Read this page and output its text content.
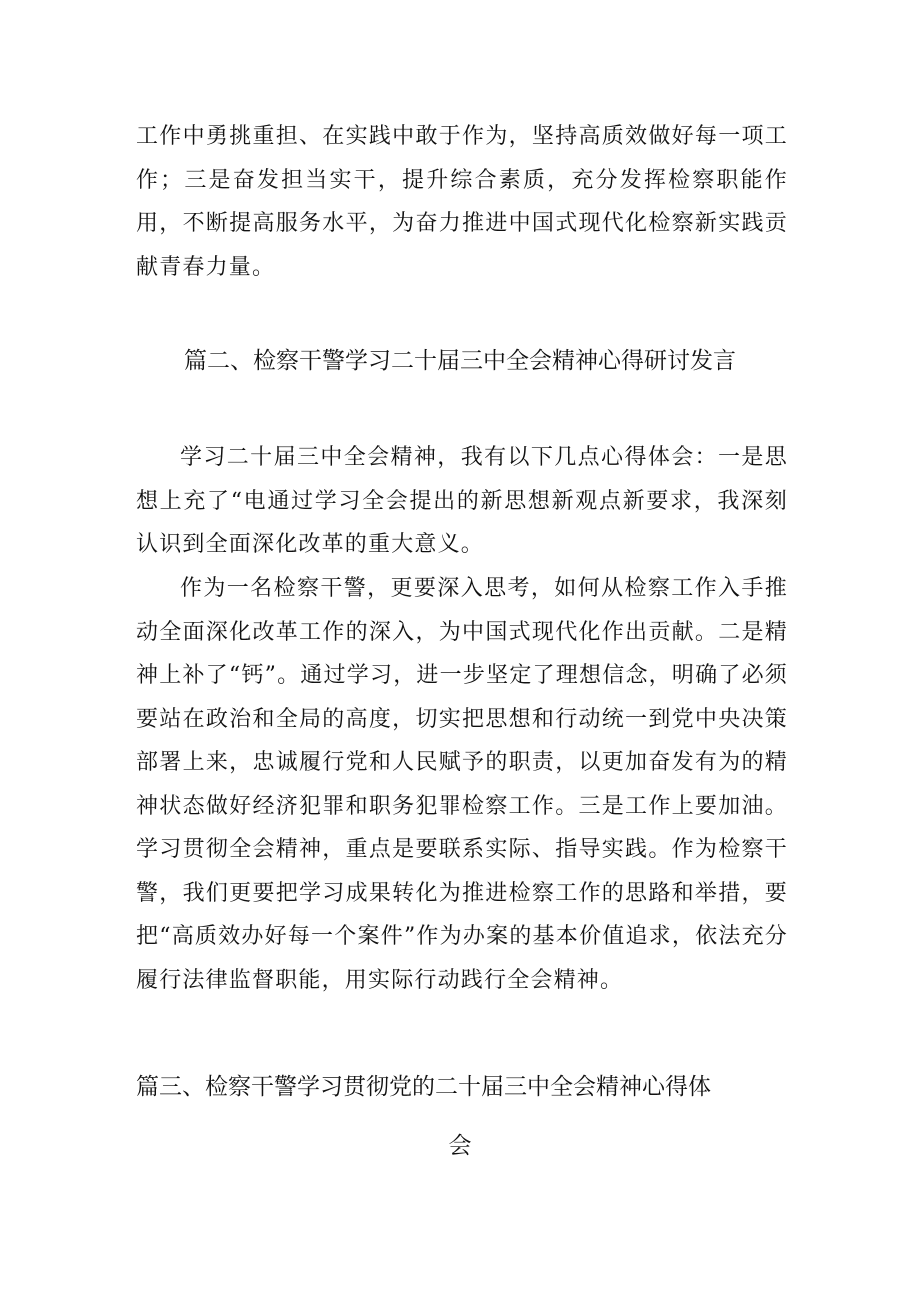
工作中勇挑重担、在实践中敢于作为，坚持高质效做好每一项工作；三是奋发担当实干，提升综合素质，充分发挥检察职能作用，不断提高服务水平，为奋力推进中国式现代化检察新实践贡献青春力量。

篇二、检察干警学习二十届三中全会精神心得研讨发言

学习二十届三中全会精神，我有以下几点心得体会：一是思想上充了“电通过学习全会提出的新思想新观点新要求，我深刻认识到全面深化改革的重大意义。

作为一名检察干警，更要深入思考，如何从检察工作入手推动全面深化改革工作的深入，为中国式现代化作出贡献。二是精神上补了“钙”。通过学习，进一步坚定了理想信念，明确了必须要站在政治和全局的高度，切实把思想和行动统一到党中央决策部署上来，忠诚履行党和人民赋予的职责，以更加奋发有为的精神状态做好经济犯罪和职务犯罪检察工作。三是工作上要加油。学习贯彻全会精神，重点是要联系实际、指导实践。作为检察干警，我们更要把学习成果转化为推进检察工作的思路和举措，要把“高质效办好每一个案件”作为办案的基本价值追求，依法充分履行法律监督职能，用实际行动践行全会精神。

篇三、检察干警学习贯彻党的二十届三中全会精神心得体
会
